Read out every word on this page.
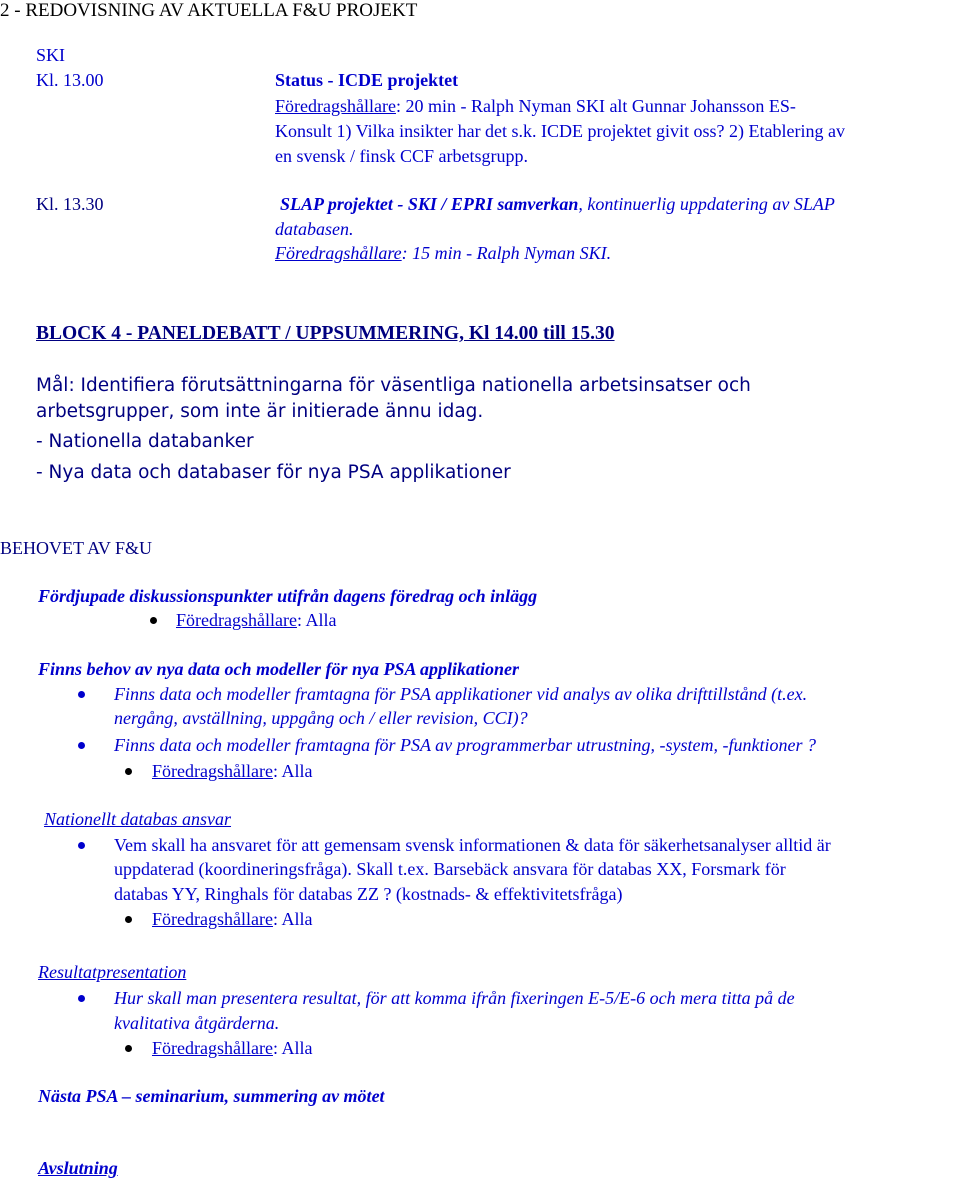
2 - REDOVISNING AV AKTUELLA F&U PROJEKT
SKI
Kl. 13.00	Status - ICDE projektet
Föredragshållare: 20 min - Ralph Nyman SKI alt Gunnar Johansson ES-
Konsult 1) Vilka insikter har det s.k. ICDE projektet givit oss? 2) Etablering av
en svensk / finsk CCF arbetsgrupp.
Kl. 13.30	SLAP projektet - SKI / EPRI samverkan, kontinuerlig uppdatering av SLAP
databasen.
Föredragshållare: 15 min - Ralph Nyman SKI.
BLOCK 4 - PANELDEBATT / UPPSUMMERING, Kl 14.00 till 15.30
Mål: Identifiera förutsättningarna för väsentliga nationella arbetsinsatser och
arbetsgrupper, som inte är initierade ännu idag.
- Nationella databanker
- Nya data och databaser för nya PSA applikationer
BEHOVET AV F&U
Fördjupade diskussionspunkter utifrån dagens föredrag och inlägg
Föredragshållare: Alla
Finns behov av nya data och modeller för nya PSA applikationer
Finns data och modeller framtagna för PSA applikationer vid analys av olika drifttillstånd (t.ex.
nergång, avställning, uppgång och / eller revision, CCI)?
Finns data och modeller framtagna för PSA av programmerbar utrustning, -system, -funktioner ?
Föredragshållare: Alla
Nationellt databas ansvar
Vem skall ha ansvaret för att gemensam svensk informationen & data för säkerhetsanalyser alltid är
uppdaterad (koordineringsfråga). Skall t.ex. Barsebäck ansvara för databas XX, Forsmark för
databas YY, Ringhals för databas ZZ ? (kostnads- & effektivitetsfråga)
Föredragshållare: Alla
Resultatpresentation
Hur skall man presentera resultat, för att komma ifrån fixeringen E-5/E-6 och mera titta på de
kvalitativa åtgärderna.
Föredragshållare: Alla
Nästa PSA – seminarium, summering av mötet
Avslutning
